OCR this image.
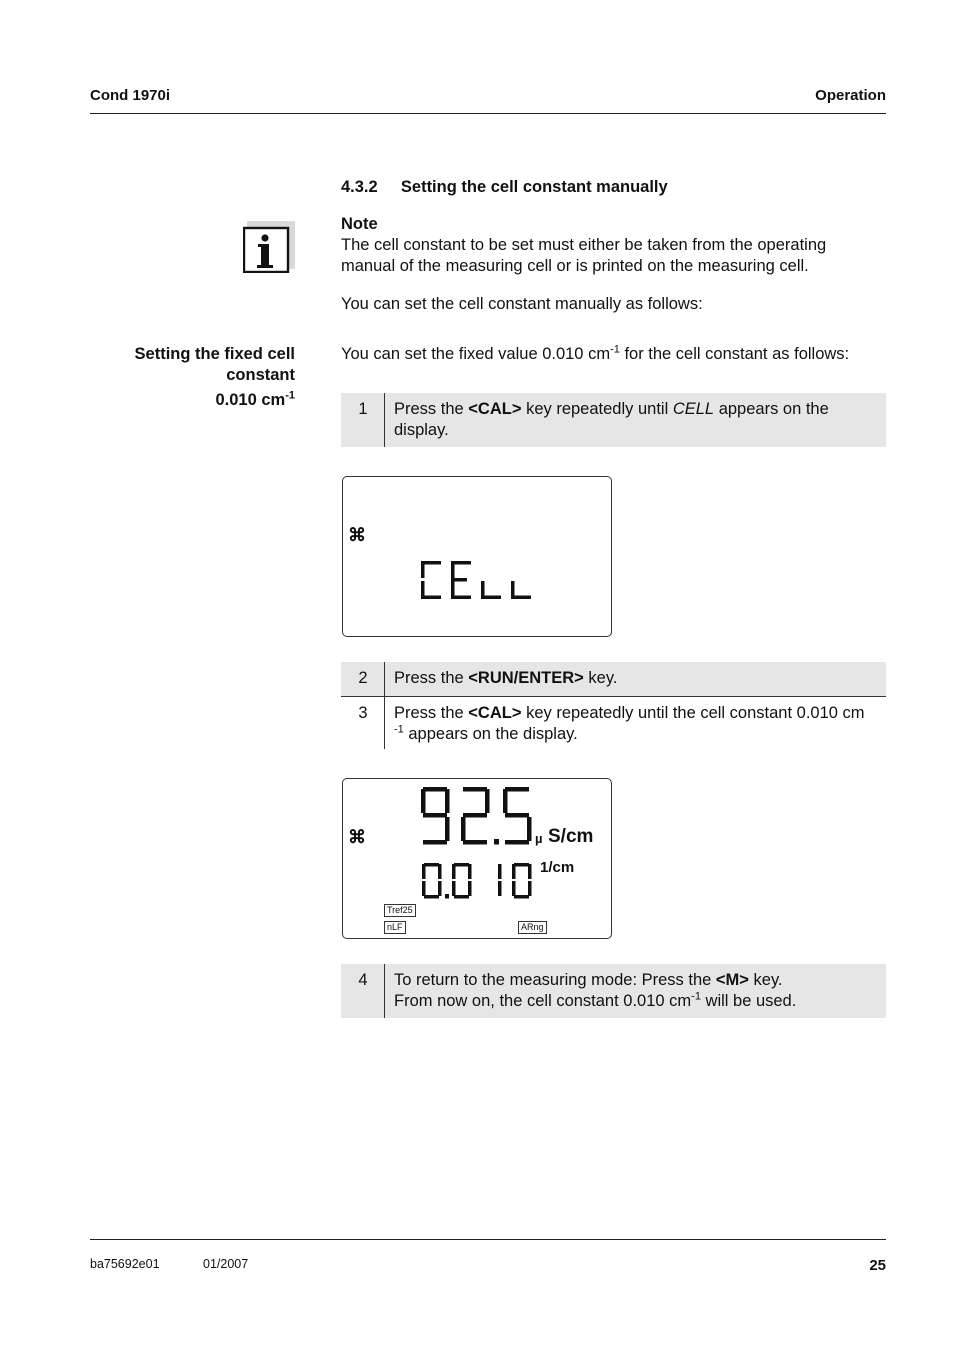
Cond 1970i	Operation
4.3.2 Setting the cell constant manually
Note
The cell constant to be set must either be taken from the operating manual of the measuring cell or is printed on the measuring cell.
You can set the cell constant manually as follows:
Setting the fixed cell
constant
0.010 $cm^{-1}$
You can set the fixed value 0.010 $cm^{-1}$ for the cell constant as follows:
1	Press the <CAL> key repeatedly until CELL appears on the display.
⌘
2	Press the <RUN/ENTER> key.
3	Press the <CAL> key repeatedly until the cell constant 0.010 cm $^{-1}$ appears on the display.
⌘	µ S/cm
1/cm
Tref25
nLF	ARng
4	To return to the measuring mode: Press the <M> key.
From now on, the cell constant 0.010 $cm^{-1}$ will be used.
ba75692e01	01/2007	25
